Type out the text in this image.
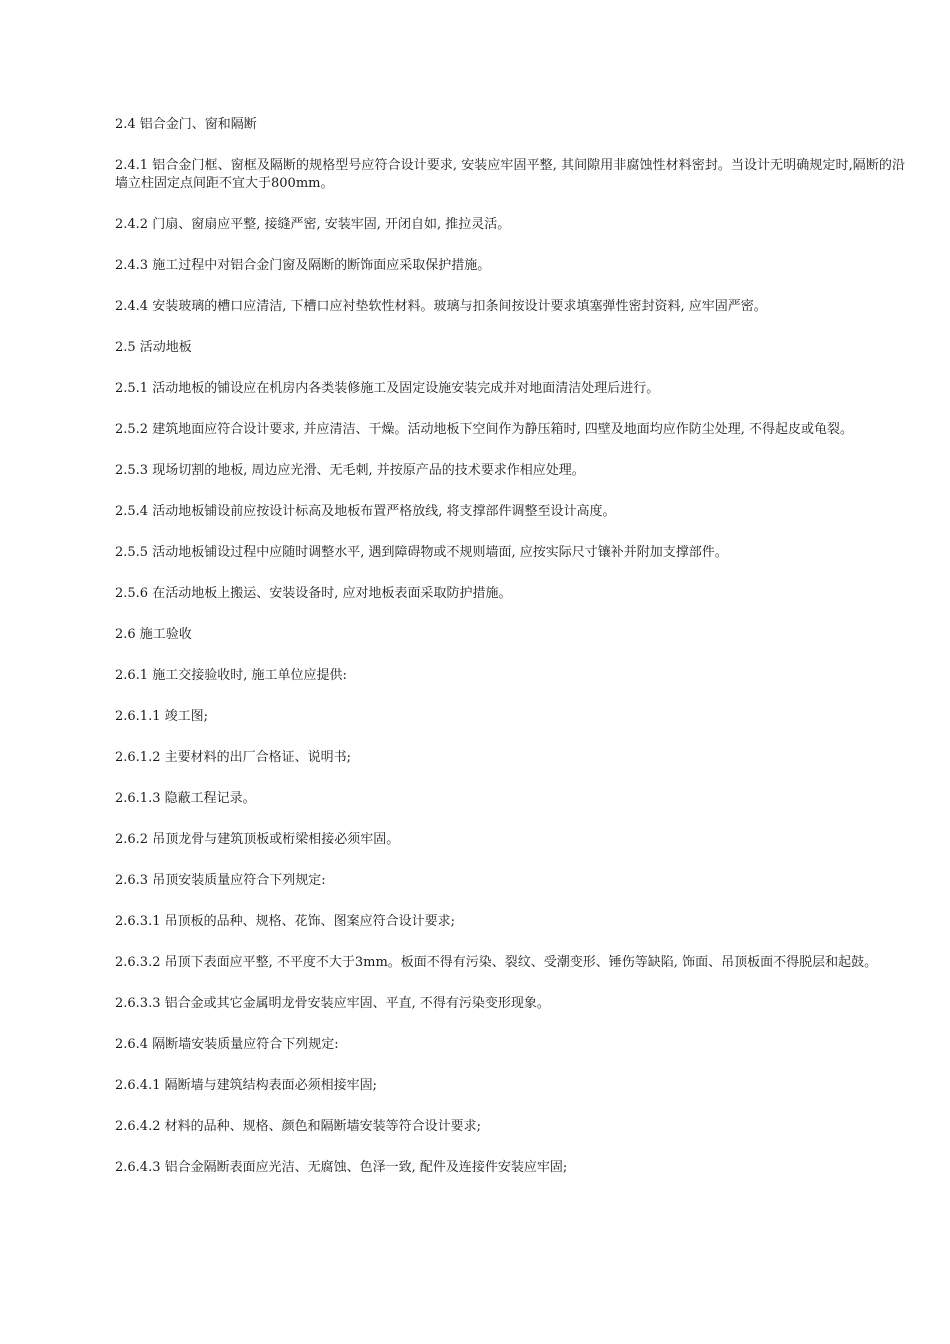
2.4 铝合金门、窗和隔断

2.4.1 铝合金门框、窗框及隔断的规格型号应符合设计要求, 安装应牢固平整, 其间隙用非腐蚀性材料密封。当设计无明确规定时,隔断的沿墙立柱固定点间距不宜大于800mm。

2.4.2 门扇、窗扇应平整, 接缝严密, 安装牢固, 开闭自如, 推拉灵活。

2.4.3 施工过程中对铝合金门窗及隔断的断饰面应采取保护措施。

2.4.4 安装玻璃的槽口应清洁, 下槽口应衬垫软性材料。玻璃与扣条间按设计要求填塞弹性密封资料, 应牢固严密。

2.5 活动地板

2.5.1 活动地板的铺设应在机房内各类装修施工及固定设施安装完成并对地面清洁处理后进行。

2.5.2 建筑地面应符合设计要求, 并应清洁、干燥。活动地板下空间作为静压箱时, 四壁及地面均应作防尘处理, 不得起皮或龟裂。

2.5.3 现场切割的地板, 周边应光滑、无毛刺, 并按原产品的技术要求作相应处理。

2.5.4 活动地板铺设前应按设计标高及地板布置严格放线, 将支撑部件调整至设计高度。

2.5.5 活动地板铺设过程中应随时调整水平, 遇到障碍物或不规则墙面, 应按实际尺寸镶补并附加支撑部件。

2.5.6 在活动地板上搬运、安装设备时, 应对地板表面采取防护措施。

2.6 施工验收

2.6.1 施工交接验收时, 施工单位应提供:

2.6.1.1 竣工图;

2.6.1.2 主要材料的出厂合格证、说明书;

2.6.1.3 隐蔽工程记录。

2.6.2 吊顶龙骨与建筑顶板或桁梁相接必须牢固。

2.6.3 吊顶安装质量应符合下列规定:

2.6.3.1 吊顶板的品种、规格、花饰、图案应符合设计要求;

2.6.3.2 吊顶下表面应平整, 不平度不大于3mm。板面不得有污染、裂纹、受潮变形、锤伤等缺陷, 饰面、吊顶板面不得脱层和起鼓。

2.6.3.3 铝合金或其它金属明龙骨安装应牢固、平直, 不得有污染变形现象。

2.6.4 隔断墙安装质量应符合下列规定:

2.6.4.1 隔断墙与建筑结构表面必须相接牢固;

2.6.4.2 材料的品种、规格、颜色和隔断墙安装等符合设计要求;

2.6.4.3 铝合金隔断表面应光洁、无腐蚀、色泽一致, 配件及连接件安装应牢固;
